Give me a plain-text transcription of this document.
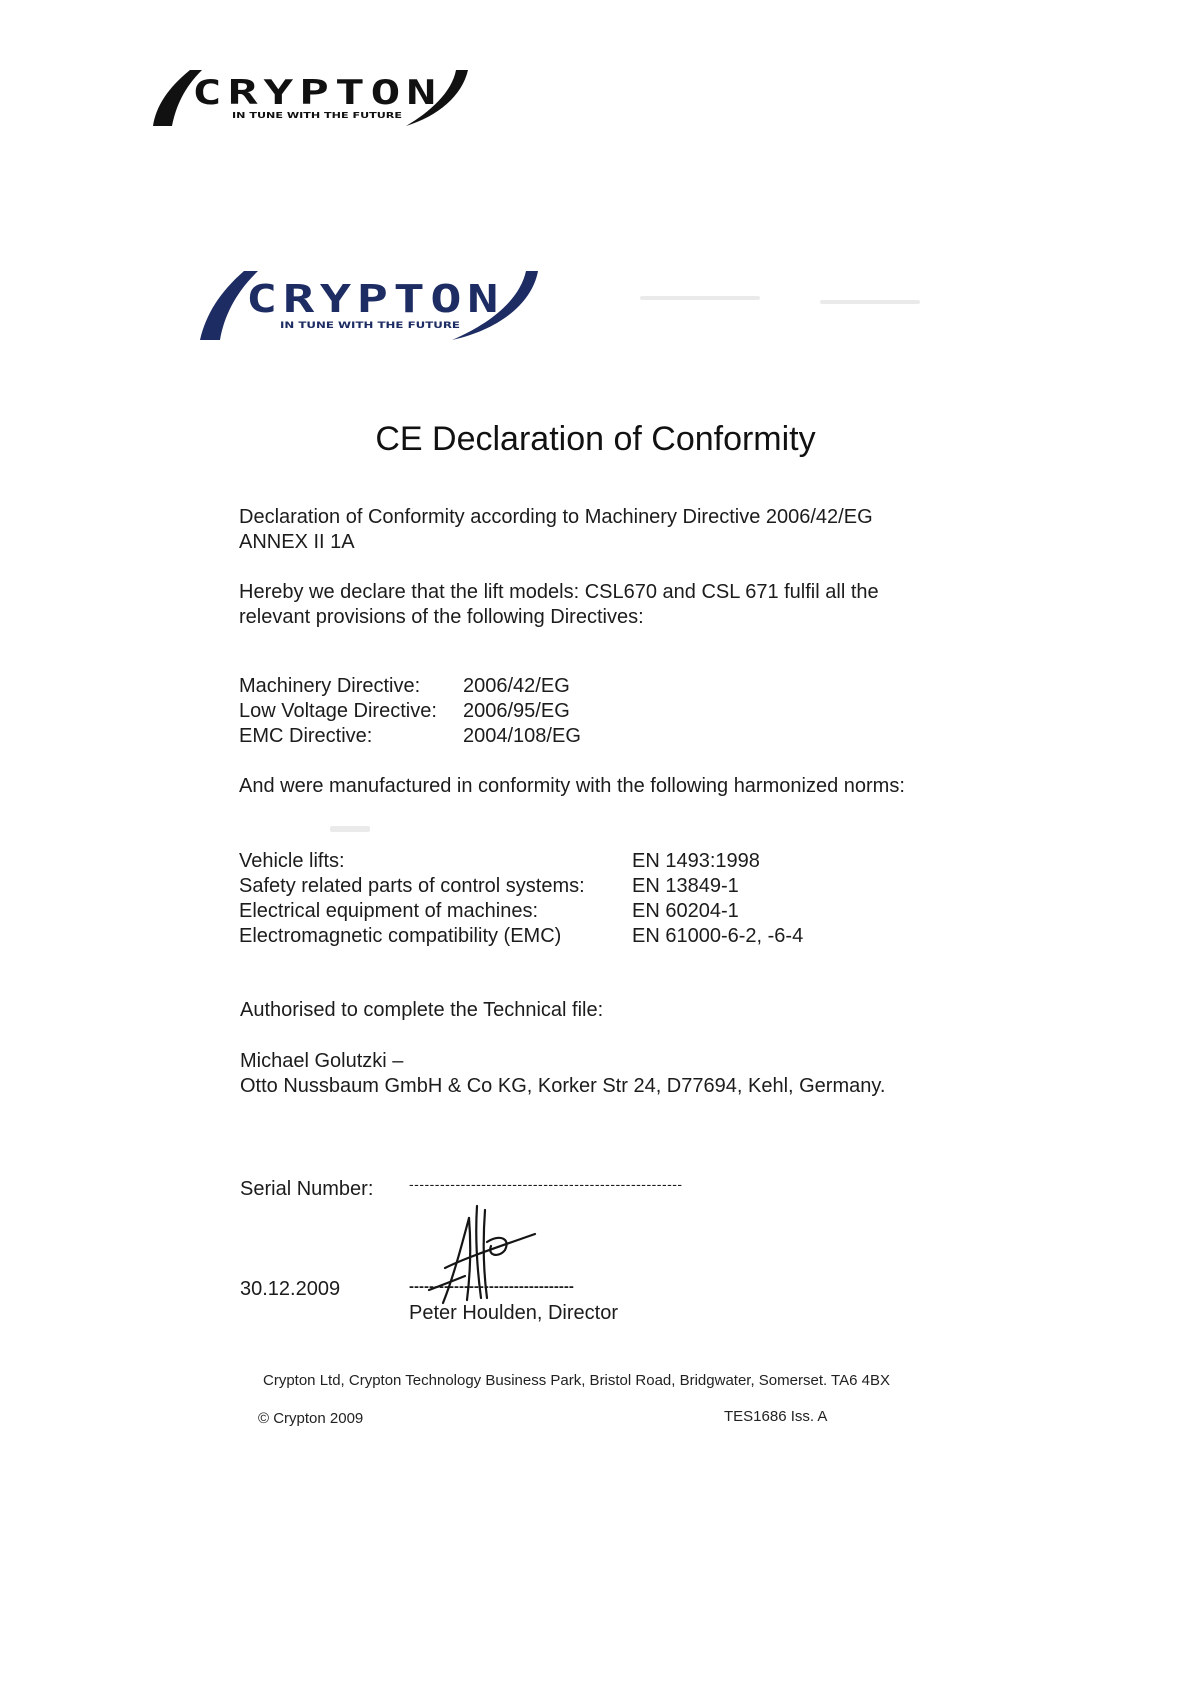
CRYPTON
IN TUNE WITH THE FUTURE
CRYPTON
IN TUNE WITH THE FUTURE
CE Declaration of Conformity
Declaration of Conformity according to Machinery Directive 2006/42/EG
ANNEX II 1A
Hereby we declare that the lift models: CSL670 and CSL 671 fulfil all the
relevant provisions of the following Directives:
Machinery Directive: 2006/42/EG
Low Voltage Directive: 2006/95/EG
EMC Directive:	2004/108/EG
And were manufactured in conformity with the following harmonized norms:
Vehicle lifts:	EN 1493:1998
Safety related parts of control systems: EN 13849-1
Electrical equipment of machines:	EN 60204-1
Electromagnetic compatibility (EMC)	EN 61000-6-2, -6-4
Authorised to complete the Technical file:
Michael Golutzki –
Otto Nussbaum GmbH & Co KG, Korker Str 24, D77694, Kehl, Germany.
Serial Number:	-----------------------------------------------------
30.12.2009	---------------------------------
Peter Houlden, Director
Crypton Ltd, Crypton Technology Business Park, Bristol Road, Bridgwater, Somerset. TA6 4BX
© Crypton 2009	TES1686 Iss. A
